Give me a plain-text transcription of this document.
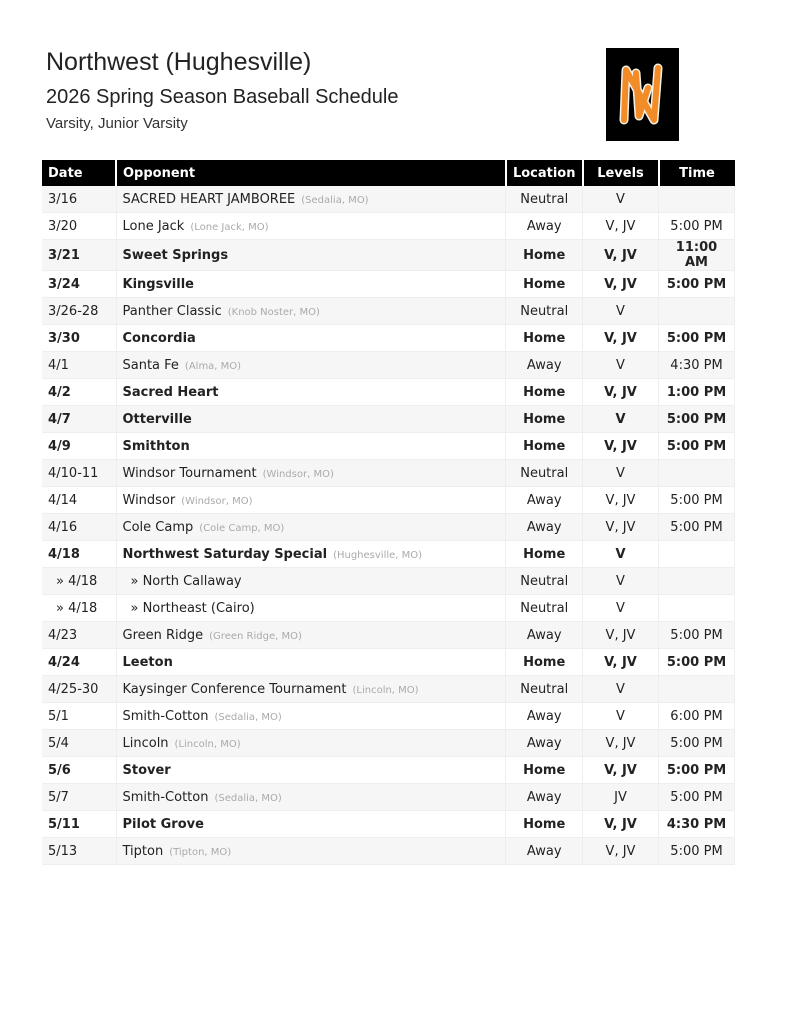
Northwest (Hughesville)
2026 Spring Season Baseball Schedule
Varsity, Junior Varsity
Date	Opponent	Location	Levels	Time
3/16	SACRED HEART JAMBOREE (Sedalia, MO)	Neutral	V	
3/20	Lone Jack (Lone Jack, MO)	Away	V, JV	5:00 PM
3/21	Sweet Springs	Home	V, JV	11:00 AM
3/24	Kingsville	Home	V, JV	5:00 PM
3/26-28	Panther Classic (Knob Noster, MO)	Neutral	V	
3/30	Concordia	Home	V, JV	5:00 PM
4/1	Santa Fe (Alma, MO)	Away	V	4:30 PM
4/2	Sacred Heart	Home	V, JV	1:00 PM
4/7	Otterville	Home	V	5:00 PM
4/9	Smithton	Home	V, JV	5:00 PM
4/10-11	Windsor Tournament (Windsor, MO)	Neutral	V	
4/14	Windsor (Windsor, MO)	Away	V, JV	5:00 PM
4/16	Cole Camp (Cole Camp, MO)	Away	V, JV	5:00 PM
4/18	Northwest Saturday Special (Hughesville, MO)	Home	V	
» 4/18	» North Callaway	Neutral	V	
» 4/18	» Northeast (Cairo)	Neutral	V	
4/23	Green Ridge (Green Ridge, MO)	Away	V, JV	5:00 PM
4/24	Leeton	Home	V, JV	5:00 PM
4/25-30	Kaysinger Conference Tournament (Lincoln, MO)	Neutral	V	
5/1	Smith-Cotton (Sedalia, MO)	Away	V	6:00 PM
5/4	Lincoln (Lincoln, MO)	Away	V, JV	5:00 PM
5/6	Stover	Home	V, JV	5:00 PM
5/7	Smith-Cotton (Sedalia, MO)	Away	JV	5:00 PM
5/11	Pilot Grove	Home	V, JV	4:30 PM
5/13	Tipton (Tipton, MO)	Away	V, JV	5:00 PM
